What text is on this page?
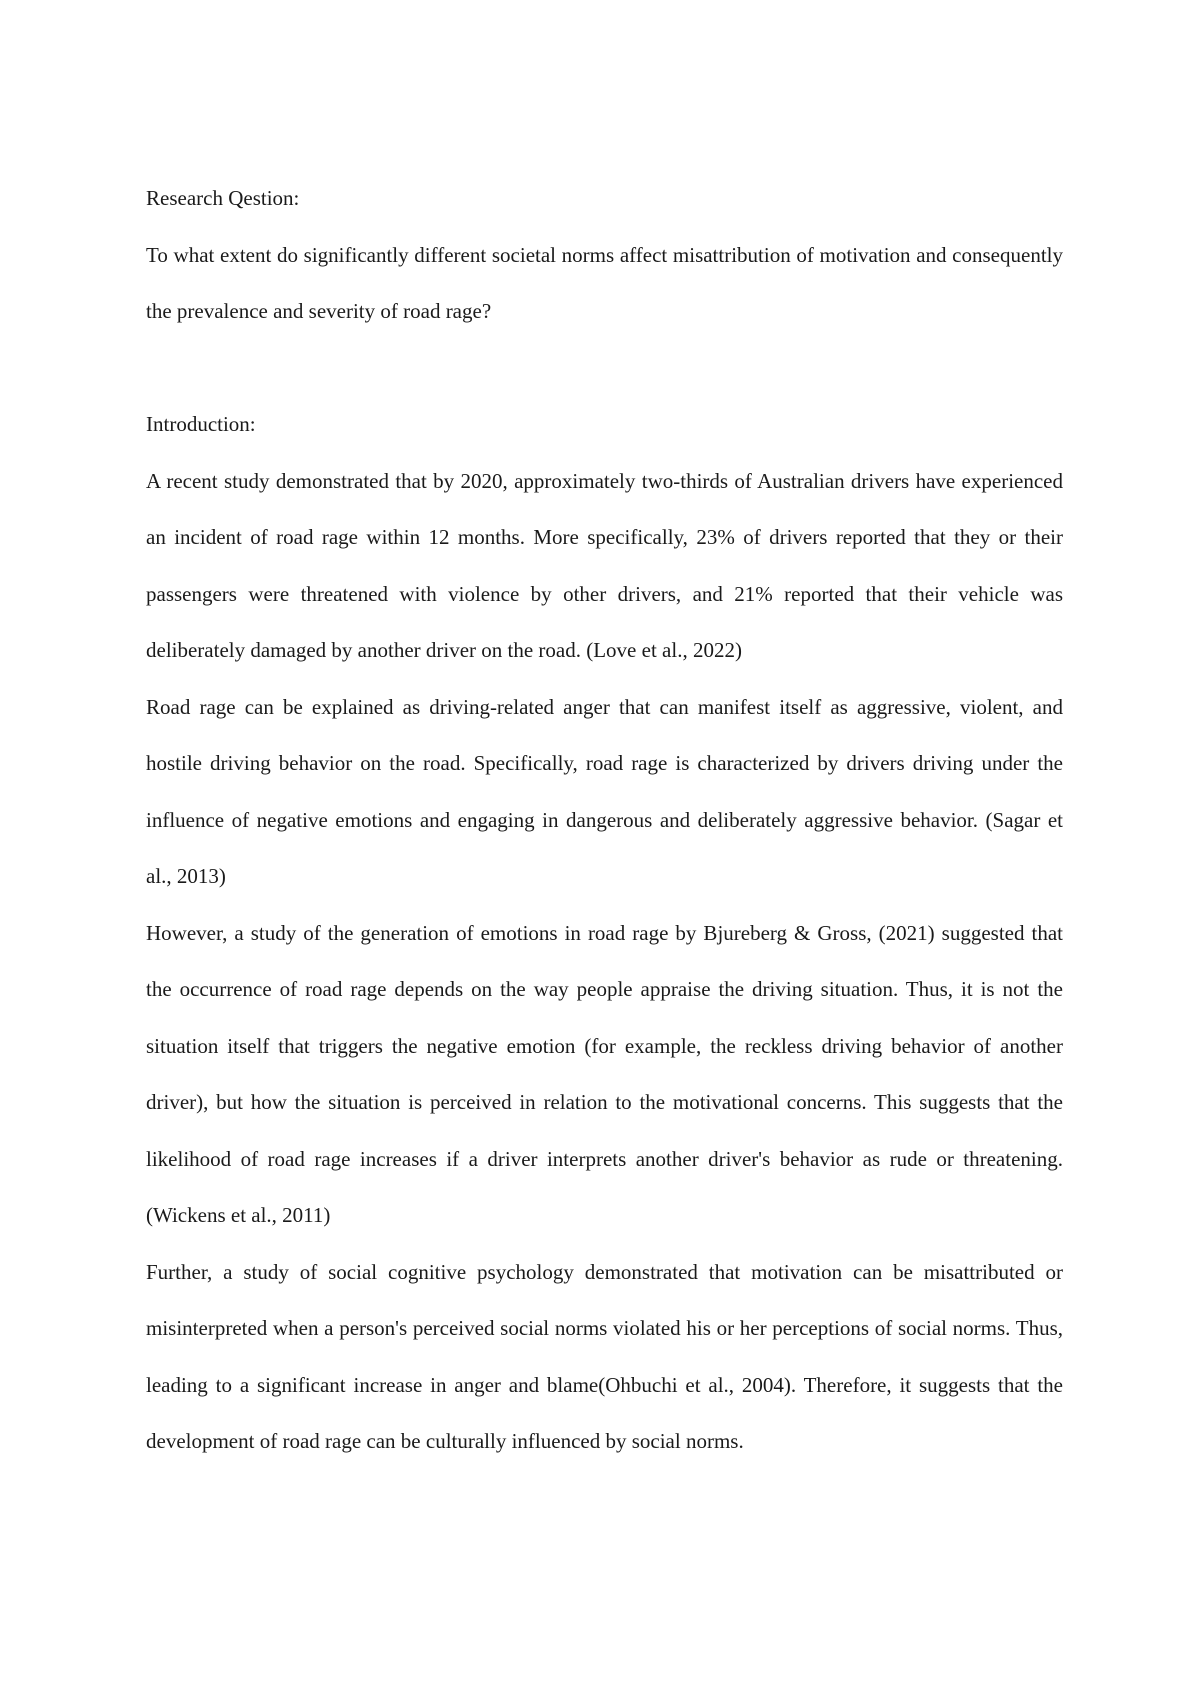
Research Qestion:

To what extent do significantly different societal norms affect misattribution of motivation and consequently the prevalence and severity of road rage?

Introduction:

A recent study demonstrated that by 2020, approximately two-thirds of Australian drivers have experienced an incident of road rage within 12 months. More specifically, 23% of drivers reported that they or their passengers were threatened with violence by other drivers, and 21% reported that their vehicle was deliberately damaged by another driver on the road. (Love et al., 2022)

Road rage can be explained as driving-related anger that can manifest itself as aggressive, violent, and hostile driving behavior on the road. Specifically, road rage is characterized by drivers driving under the influence of negative emotions and engaging in dangerous and deliberately aggressive behavior. (Sagar et al., 2013)

However, a study of the generation of emotions in road rage by Bjureberg & Gross, (2021) suggested that the occurrence of road rage depends on the way people appraise the driving situation. Thus, it is not the situation itself that triggers the negative emotion (for example, the reckless driving behavior of another driver), but how the situation is perceived in relation to the motivational concerns. This suggests that the likelihood of road rage increases if a driver interprets another driver's behavior as rude or threatening.(Wickens et al., 2011)

Further, a study of social cognitive psychology demonstrated that motivation can be misattributed or misinterpreted when a person's perceived social norms violated his or her perceptions of social norms. Thus, leading to a significant increase in anger and blame(Ohbuchi et al., 2004). Therefore, it suggests that the development of road rage can be culturally influenced by social norms.
